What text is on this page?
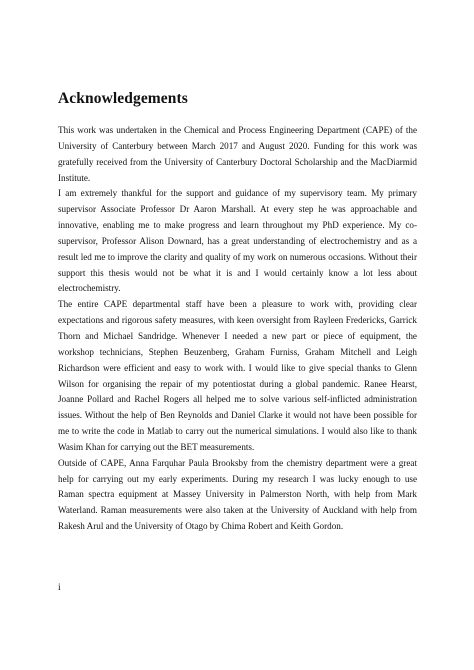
Acknowledgements

This work was undertaken in the Chemical and Process Engineering Department (CAPE) of the University of Canterbury between March 2017 and August 2020. Funding for this work was gratefully received from the University of Canterbury Doctoral Scholarship and the MacDiarmid Institute.

I am extremely thankful for the support and guidance of my supervisory team. My primary supervisor Associate Professor Dr Aaron Marshall. At every step he was approachable and innovative, enabling me to make progress and learn throughout my PhD experience. My co-supervisor, Professor Alison Downard, has a great understanding of electrochemistry and as a result led me to improve the clarity and quality of my work on numerous occasions. Without their support this thesis would not be what it is and I would certainly know a lot less about electrochemistry.

The entire CAPE departmental staff have been a pleasure to work with, providing clear expectations and rigorous safety measures, with keen oversight from Rayleen Fredericks, Garrick Thorn and Michael Sandridge. Whenever I needed a new part or piece of equipment, the workshop technicians, Stephen Beuzenberg, Graham Furniss, Graham Mitchell and Leigh Richardson were efficient and easy to work with. I would like to give special thanks to Glenn Wilson for organising the repair of my potentiostat during a global pandemic. Ranee Hearst, Joanne Pollard and Rachel Rogers all helped me to solve various self-inflicted administration issues. Without the help of Ben Reynolds and Daniel Clarke it would not have been possible for me to write the code in Matlab to carry out the numerical simulations. I would also like to thank Wasim Khan for carrying out the BET measurements.

Outside of CAPE, Anna Farquhar Paula Brooksby from the chemistry department were a great help for carrying out my early experiments. During my research I was lucky enough to use Raman spectra equipment at Massey University in Palmerston North, with help from Mark Waterland. Raman measurements were also taken at the University of Auckland with help from Rakesh Arul and the University of Otago by Chima Robert and Keith Gordon.

i
